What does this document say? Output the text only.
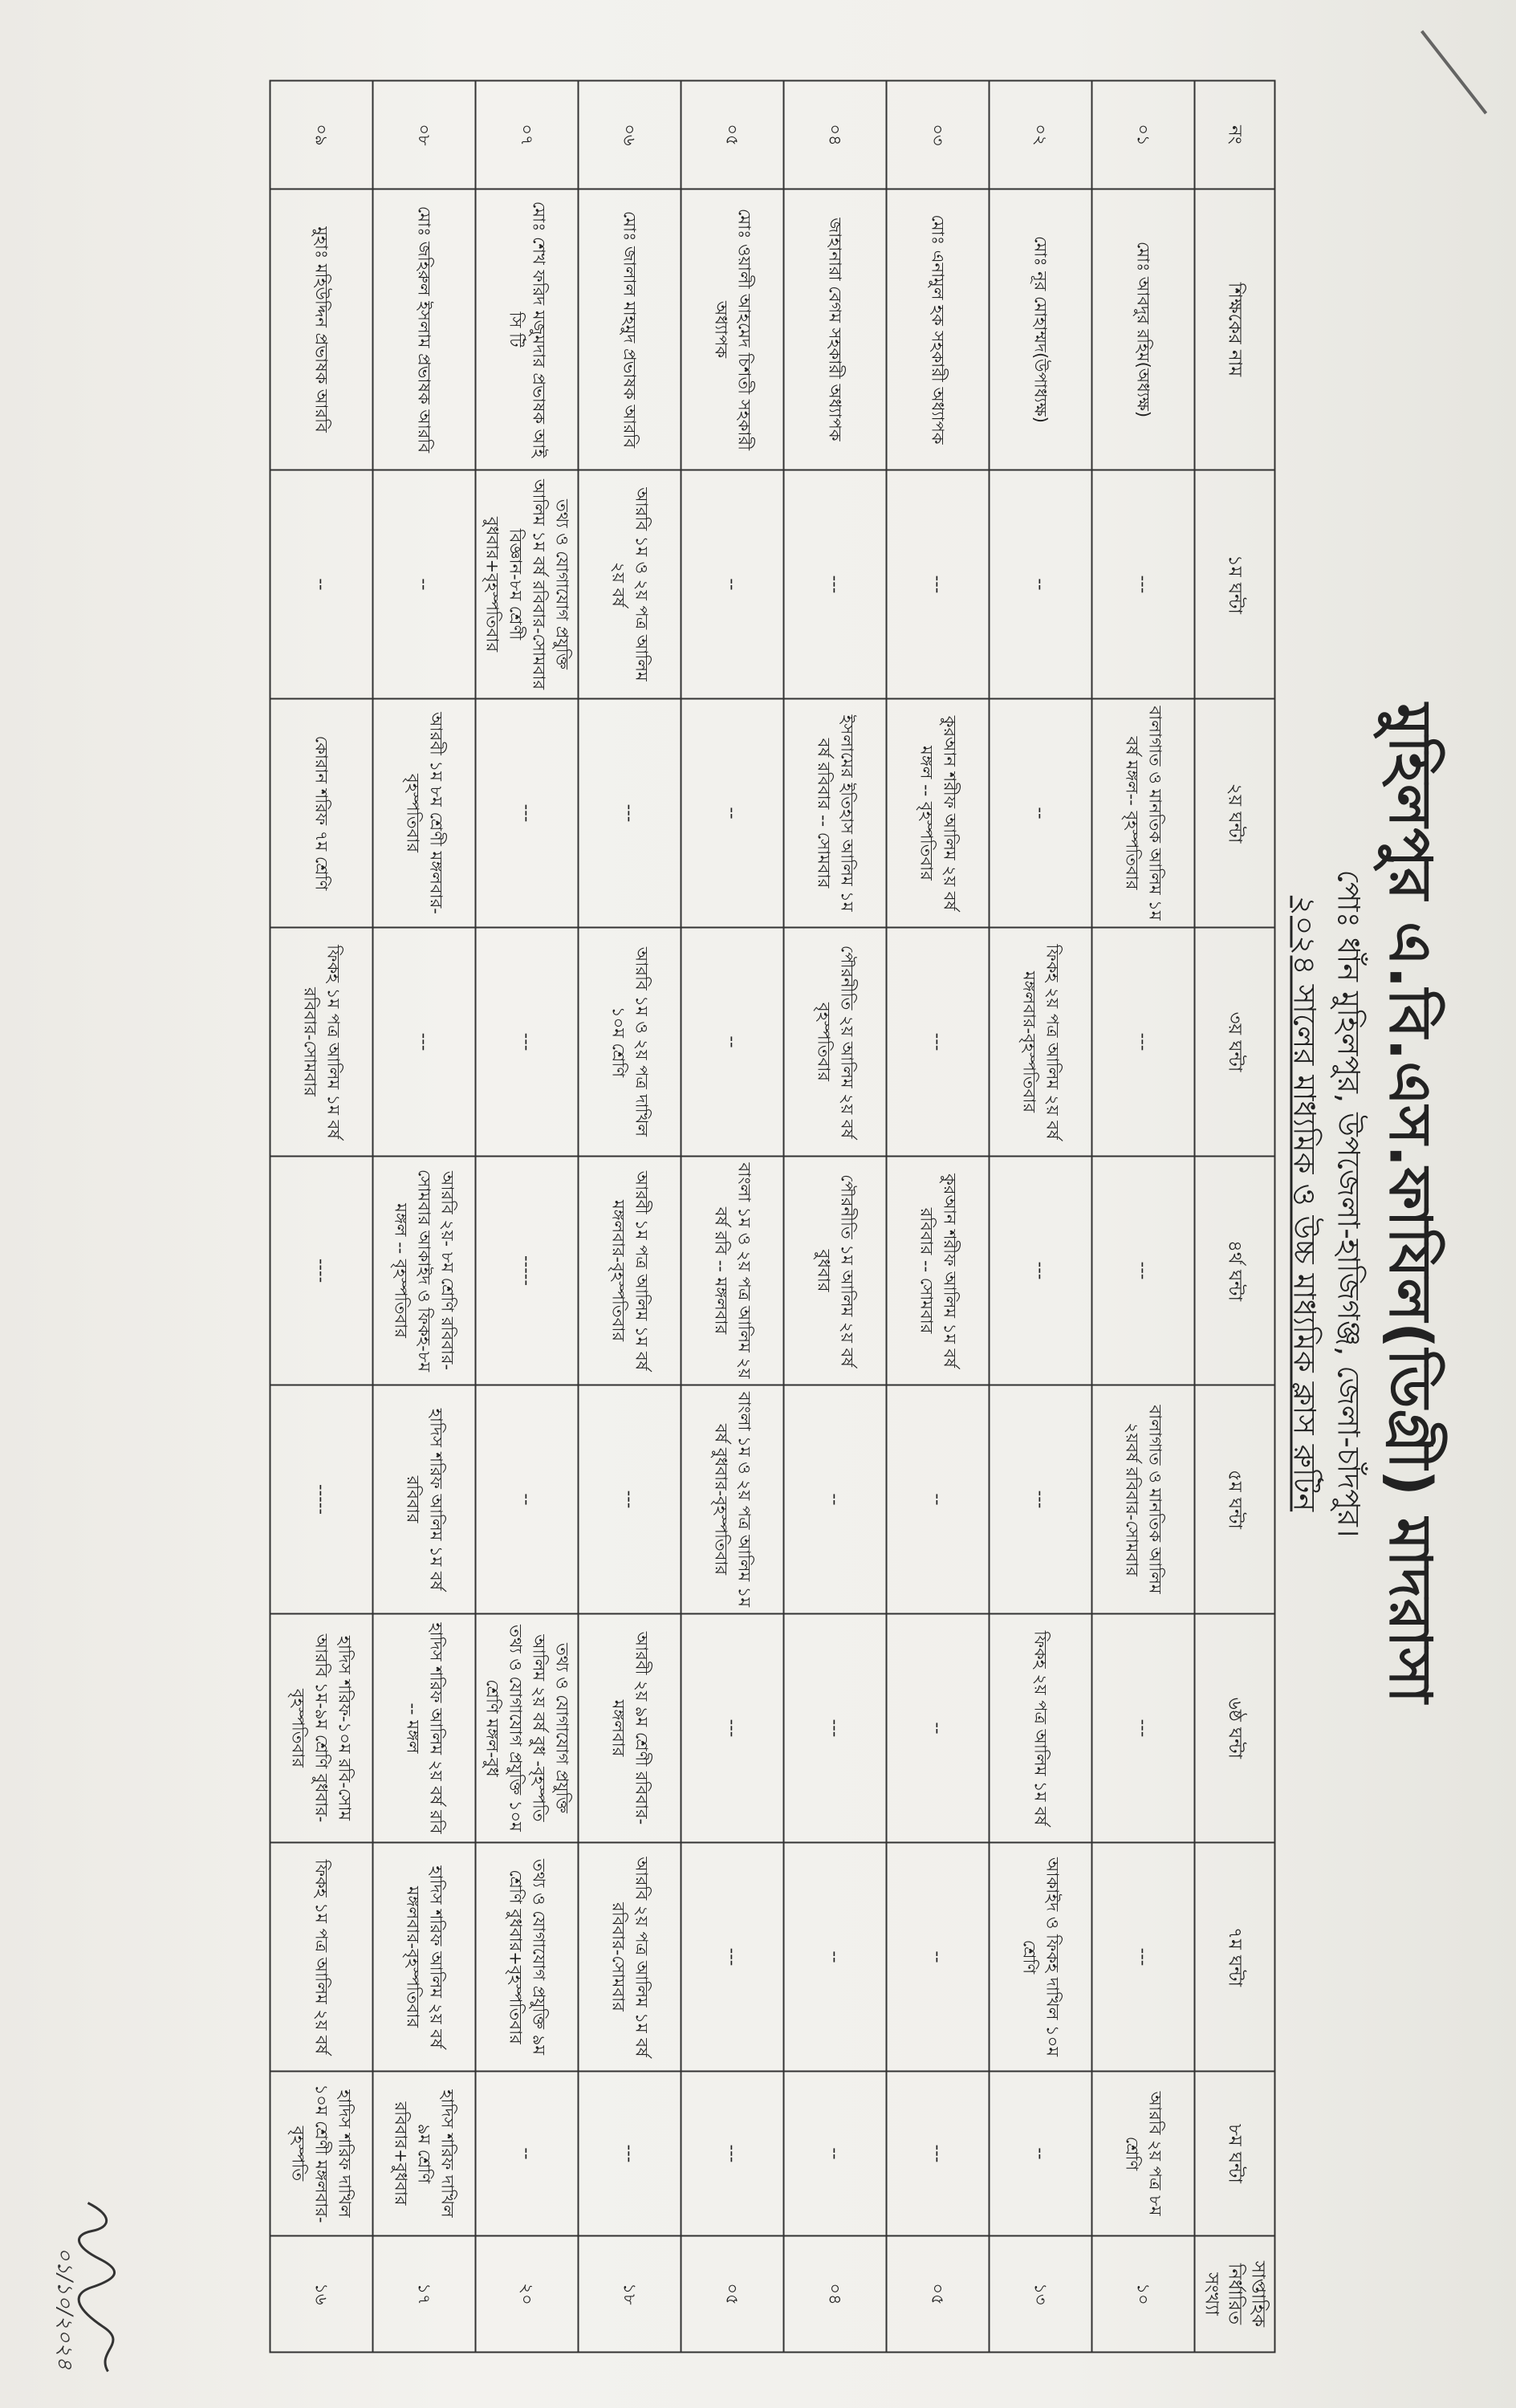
মুহিলপুর এ.বি.এস.ফাযিল(ডিগ্রী) মাদরাসা
পোঃ ধাঁন মুহিলপুর, উপজেলা-হাজিগঞ্জ, জেলা-চাঁদপুর।
২০২৪ সালের মাধ্যমিক ও উচ্চ মাধ্যমিক ক্লাস রুটিন
নং	শিক্ষকের নাম	১ম ঘন্টা	২য় ঘন্টা	৩য় ঘন্টা	৪র্থ ঘন্টা	৫ম ঘন্টা	৬ষ্ঠ ঘন্টা	৭ম ঘন্টা	৮ম ঘন্টা	সাপ্তাহিক নির্ধারিত সংখ্যা
০১	মোঃ আবদুর রহিম(অধ্যক্ষ)	---	বালাগাত ও মানতিক আলিম ১ম বর্ষ মঙ্গল-- বৃহস্পতিবার	---	---	বালাগাত ও মানতিক আলিম ২য়বর্ষ রবিবার-সোমবার	---	---	আরবি ২য় পত্র ৮ম শ্রেণি	১০
০২	মোঃ নূর মোহাম্মদ(উপাধ্যক্ষ)	--	--	ফিকহ ২য় পত্র আলিম ২য় বর্ষ মঙ্গলবার-বৃহস্পতিবার	---	---	ফিকহ ২য় পত্র আলিম ১ম বর্ষ	আকাইদ ও ফিকহ দাখিল ১০ম শ্রেণি	--	১৩
০৩	মোঃ এনামুল হক সহকারী অধ্যাপক	---	কুরআন শরীফ আলিম ২য় বর্ষ মঙ্গল -- বৃহস্পতিবার	---	কুরআন শরীফ আলিম ১ম বর্ষ রবিবার -- সোমবার	--	--	--	---	০৫
০৪	জাহানারা বেগম সহকারী অধ্যাপক	---	ইসলামের ইতিহাস আলিম ১ম বর্ষ রবিবার -- সোমবার	পৌরনীতি ২য় আলিম ২য় বর্ষ বৃহস্পতিবার	পৌরনীতি ১ম আলিম ২য় বর্ষ বুধবার	--	---	--	--	০৪
০৫	মোঃ ওয়ালী আহমেদ চিশতী সহকারী অধ্যাপক	--	--	--	বাংলা ১ম ও ২য় পত্র আলিম ২য় বর্ষ রবি -- মঙ্গলবার	বাংলা ১ম ও ২য় পত্র আলিম ১ম বর্ষ বুধবার-বৃহস্পতিবার	---	---	---	০৫
০৬	মোঃ জালাল মাহমুদ প্রভাষক আরবি	আরবি ১ম ও ২য় পত্র আলিম ২য় বর্ষ	---	আরবি ১ম ও ২য় পত্র দাখিল ১০ম শ্রেণি	আরবী ১ম পত্র আলিম ১ম বর্ষ মঙ্গলবার-বৃহস্পতিবার	---	আরবী ২য় ৯ম শ্রেণী রবিবার-মঙ্গলবার	আরবি ২য় পত্র আলিম ১ম বর্ষ রবিবার-সোমবার	---	১৮
০৭	মোঃ শেখ ফরিদ মজুমদার প্রভাষক আই সি টি	তথ্য ও যোগাযোগ প্রযুক্তি আলিম ১ম বর্ষ রবিবার-সোমবার বিজ্ঞান-৮ম শ্রেণী বুধবার+বৃহস্পতিবার	---	---	-----	--	তথ্য ও যোগাযোগ প্রযুক্তি আলিম ২য় বর্ষ বুধ -বৃহস্পতি তথ্য ও যোগাযোগ প্রযুক্তি ১০ম শ্রেণি মঙ্গল-বুধ	তথ্য ও যোগাযোগ প্রযুক্তি ৯ম শ্রেণি বুধবার+বৃহস্পতিবার	--	২০
০৮	মোঃ জহিরুল ইসলাম প্রভাষক আরবি	--	আরবী ১ম ৮ম শ্রেণী মঙ্গলবার-বৃহস্পতিবার	---	আরবি ২য়- ৮ম শ্রেণি রবিবার-সোমবার আকাইদ ও ফিকহ-৮ম মঙ্গল -- বৃহস্পতিবার	হাদিস শরিফ আলিম ১ম বর্ষ রবিবার	হাদিস শরিফ আলিম ২য় বর্ষ রবি -- মঙ্গল	হাদিস শরিফ আলিম ২য় বর্ষ মঙ্গলবার-বৃহস্পতিবার	হাদিস শরিফ দাখিল ৯ম শ্রেণি রবিবার+বুধবার	১৭
০৯	মুহাঃ মহিউদ্দিন প্রভাষক আরবি	--	কোরান শরিফ ৭ম শ্রেণি	ফিকহ ১ম পত্র আলিম ১ম বর্ষ রবিবার-সোমবার	----	-----	হাদিস শরিফ-১০ম রবি-সোম আরবি ১ম-৯ম শ্রেণি বুধবার-বৃহস্পতিবার	ফিকহ ১ম পত্র আলিম ২য় বর্ষ	হাদিস শরিফ দাখিল ১০ম শ্রেণী মঙ্গলবার-বৃহস্পতি	১৬
০১/১০/২০২৪
